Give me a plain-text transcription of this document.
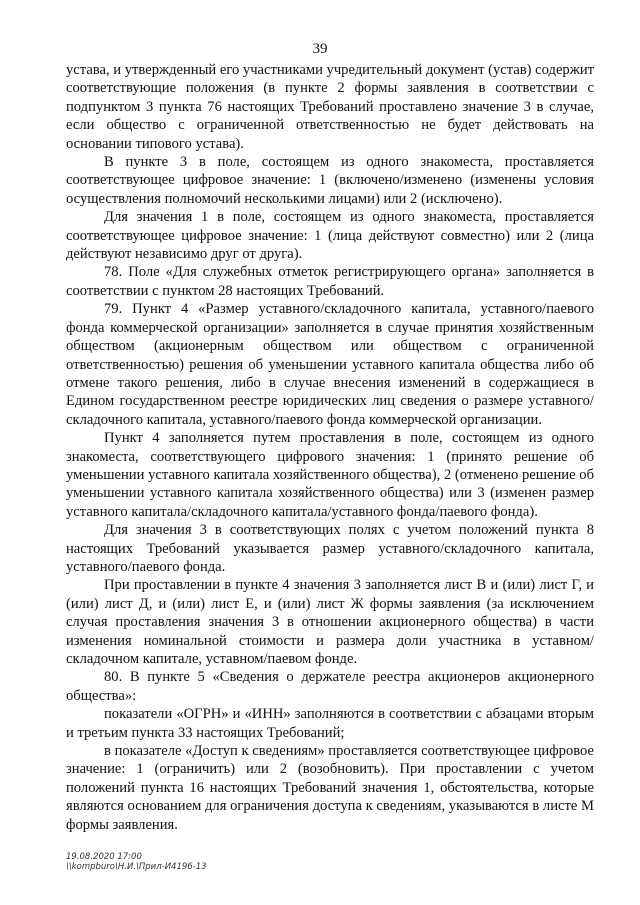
39

устава, и утвержденный его участниками учредительный документ (устав) содержит соответствующие положения (в пункте 2 формы заявления в соответствии с подпунктом 3 пункта 76 настоящих Требований проставлено значение 3 в случае, если общество с ограниченной ответственностью не будет действовать на основании типового устава).

В пункте 3 в поле, состоящем из одного знакоместа, проставляется соответствующее цифровое значение: 1 (включено/изменено (изменены условия осуществления полномочий несколькими лицами) или 2 (исключено).

Для значения 1 в поле, состоящем из одного знакоместа, проставляется соответствующее цифровое значение: 1 (лица действуют совместно) или 2 (лица действуют независимо друг от друга).

78. Поле «Для служебных отметок регистрирующего органа» заполняется в соответствии с пунктом 28 настоящих Требований.

79. Пункт 4 «Размер уставного/складочного капитала, уставного/паевого фонда коммерческой организации» заполняется в случае принятия хозяйственным обществом (акционерным обществом или обществом с ограниченной ответственностью) решения об уменьшении уставного капитала общества либо об отмене такого решения, либо в случае внесения изменений в содержащиеся в Едином государственном реестре юридических лиц сведения о размере уставного/складочного капитала, уставного/паевого фонда коммерческой организации.

Пункт 4 заполняется путем проставления в поле, состоящем из одного знакоместа, соответствующего цифрового значения: 1 (принято решение об уменьшении уставного капитала хозяйственного общества), 2 (отменено решение об уменьшении уставного капитала хозяйственного общества) или 3 (изменен размер уставного капитала/складочного капитала/уставного фонда/паевого фонда).

Для значения 3 в соответствующих полях с учетом положений пункта 8 настоящих Требований указывается размер уставного/складочного капитала, уставного/паевого фонда.

При проставлении в пункте 4 значения 3 заполняется лист В и (или) лист Г, и (или) лист Д, и (или) лист Е, и (или) лист Ж формы заявления (за исключением случая проставления значения 3 в отношении акционерного общества) в части изменения номинальной стоимости и размера доли участника в уставном/складочном капитале, уставном/паевом фонде.

80. В пункте 5 «Сведения о держателе реестра акционеров акционерного общества»:

показатели «ОГРН» и «ИНН» заполняются в соответствии с абзацами вторым и третьим пункта 33 настоящих Требований;

в показателе «Доступ к сведениям» проставляется соответствующее цифровое значение: 1 (ограничить) или 2 (возобновить). При проставлении с учетом положений пункта 16 настоящих Требований значения 1, обстоятельства, которые являются основанием для ограничения доступа к сведениям, указываются в листе М формы заявления.

19.08.2020 17:00
\\kompburo\Н.И.\Прил-И4196-13
